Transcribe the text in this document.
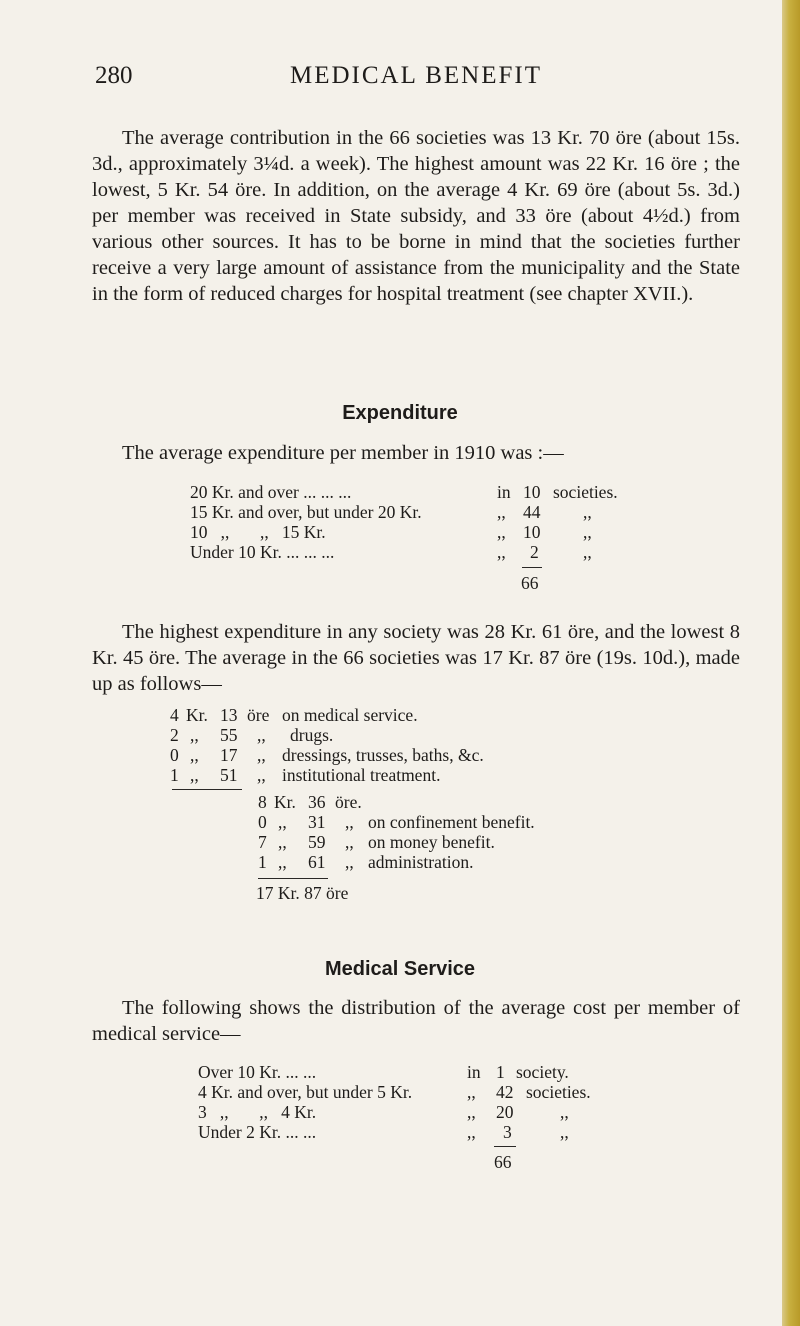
280	MEDICAL BENEFIT

The average contribution in the 66 societies was 13 Kr. 70 öre (about 15s. 3d., approximately 3¼d. a week). The highest amount was 22 Kr. 16 öre ; the lowest, 5 Kr. 54 öre. In addition, on the average 4 Kr. 69 öre (about 5s. 3d.) per member was received in State subsidy, and 33 öre (about 4½d.) from various other sources. It has to be borne in mind that the societies further receive a very large amount of assistance from the municipality and the State in the form of reduced charges for hospital treatment (see chapter XVII.).

Expenditure

The average expenditure per member in 1910 was :—

20 Kr. and over ... ... ...	in 10 societies.
15 Kr. and over, but under 20 Kr.	,, 44 ,,
10   ,,       ,,   15 Kr.	,, 10 ,,
Under 10 Kr. ... ... ...	,, 2	,,
66

The highest expenditure in any society was 28 Kr. 61 öre, and the lowest 8 Kr. 45 öre. The average in the 66 societies was 17 Kr. 87 öre (19s. 10d.), made up as follows—

4 Kr. 13 öre on medical service.
2 ,, 55 ,, drugs.
0 ,, 17 ,, dressings, trusses, baths, &c.
1 ,, 51 ,, institutional treatment.
8 Kr. 36 öre.
0 ,, 31 ,, on confinement benefit.
7 ,, 59 ,, on money benefit.
1 ,, 61 ,, administration.
17 Kr. 87 öre
Medical Service

The following shows the distribution of the average cost per member of medical service—

Over 10 Kr. ... ...	in 1 society.
4 Kr. and over, but under 5 Kr.	,, 42 societies.
3   ,,       ,,   4 Kr.	,, 20	,,
Under 2 Kr. ... ...	,, 3	,,
66
